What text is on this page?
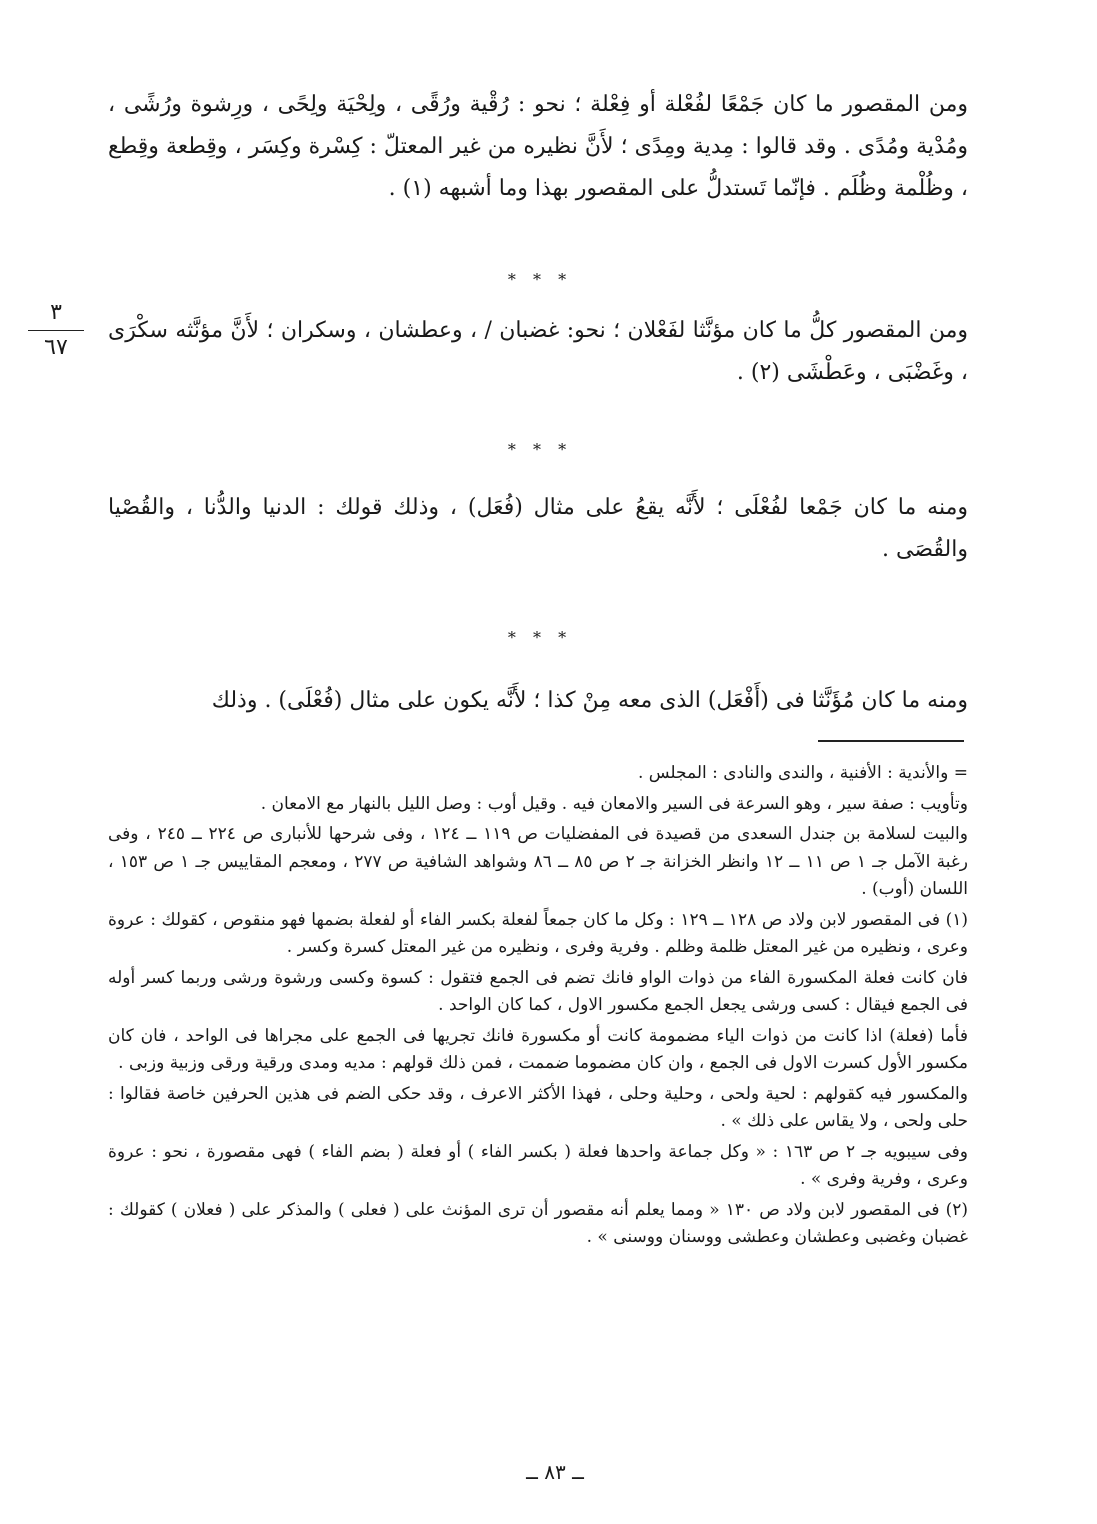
٣
٦٧
ومن المقصور ما كان جَمْعًا لفُعْلة أو فِعْلة ؛ نحو : رُقْية ورُقًى ، ولِحْيَة ولِحًى ، ورِشوة ورُشًى ، ومُدْية ومُدًى . وقد قالوا : مِدية ومِدًى ؛ لأَنَّ نظيره من غير المعتلّ : كِسْرة وكِسَر ، وقِطعة وقِطع ، وظُلْمة وظُلَم . فإنّما تَستدلُّ على المقصور بهذا وما أشبهه (١) .
* * *
ومن المقصور كلُّ ما كان مؤنَّثا لفَعْلان ؛ نحو: غضبان / ، وعطشان ، وسكران ؛ لأَنَّ مؤنَّثه سكْرَى ، وغَضْبَى ، وعَطْشَى (٢) .
* * *
ومنه ما كان جَمْعا لفُعْلَى ؛ لأَنَّه يقعُ على مثال (فُعَل) ، وذلك قولك : الدنيا والدُّنا ، والقُصْيا والقُصَى .
* * *
ومنه ما كان مُؤَنَّثا فى (أَفْعَل) الذى معه مِنْ كذا ؛ لأَنَّه يكون على مثال (فُعْلَى) . وذلك

= والأندية : الأفنية ، والندى والنادى : المجلس .

وتأويب : صفة سير ، وهو السرعة فى السير والامعان فيه . وقيل أوب : وصل الليل بالنهار مع الامعان .

والبيت لسلامة بن جندل السعدى من قصيدة فى المفضليات ص ١١٩ ــ ١٢٤ ، وفى شرحها للأنبارى ص ٢٢٤ ــ ٢٤٥ ، وفى رغبة الآمل جـ ١ ص ١١ ــ ١٢ وانظر الخزانة جـ ٢ ص ٨٥ ــ ٨٦ وشواهد الشافية ص ٢٧٧ ، ومعجم المقاييس جـ ١ ص ١٥٣ ، اللسان (أوب) .

(١) فى المقصور لابن ولاد ص ١٢٨ ــ ١٢٩ : وكل ما كان جمعاً لفعلة بكسر الفاء أو لفعلة بضمها فهو منقوص ، كقولك : عروة وعرى ، ونظيره من غير المعتل ظلمة وظلم . وفرية وفرى ، ونظيره من غير المعتل كسرة وكسر .

فان كانت فعلة المكسورة الفاء من ذوات الواو فانك تضم فى الجمع فتقول : كسوة وكسى ورشوة ورشى وربما كسر أوله فى الجمع فيقال : كسى ورشى يجعل الجمع مكسور الاول ، كما كان الواحد .

فأما (فعلة) اذا كانت من ذوات الياء مضمومة كانت أو مكسورة فانك تجريها فى الجمع على مجراها فى الواحد ، فان كان مكسور الأول كسرت الاول فى الجمع ، وان كان مضموما ضممت ، فمن ذلك قولهم : مديه ومدى ورقية ورقى وزبية وزبى .

والمكسور فيه كقولهم : لحية ولحى ، وحلية وحلى ، فهذا الأكثر الاعرف ، وقد حكى الضم فى هذين الحرفين خاصة فقالوا : حلى ولحى ، ولا يقاس على ذلك » .

وفى سيبويه جـ ٢ ص ١٦٣ : « وكل جماعة واحدها فعلة ( بكسر الفاء ) أو فعلة ( بضم الفاء ) فهى مقصورة ، نحو : عروة وعرى ، وفرية وفرى » .

(٢) فى المقصور لابن ولاد ص ١٣٠ « ومما يعلم أنه مقصور أن ترى المؤنث على ( فعلى ) والمذكر على ( فعلان ) كقولك : غضبان وغضبى وعطشان وعطشى ووسنان ووسنى » .

ــ ٨٣ ــ
